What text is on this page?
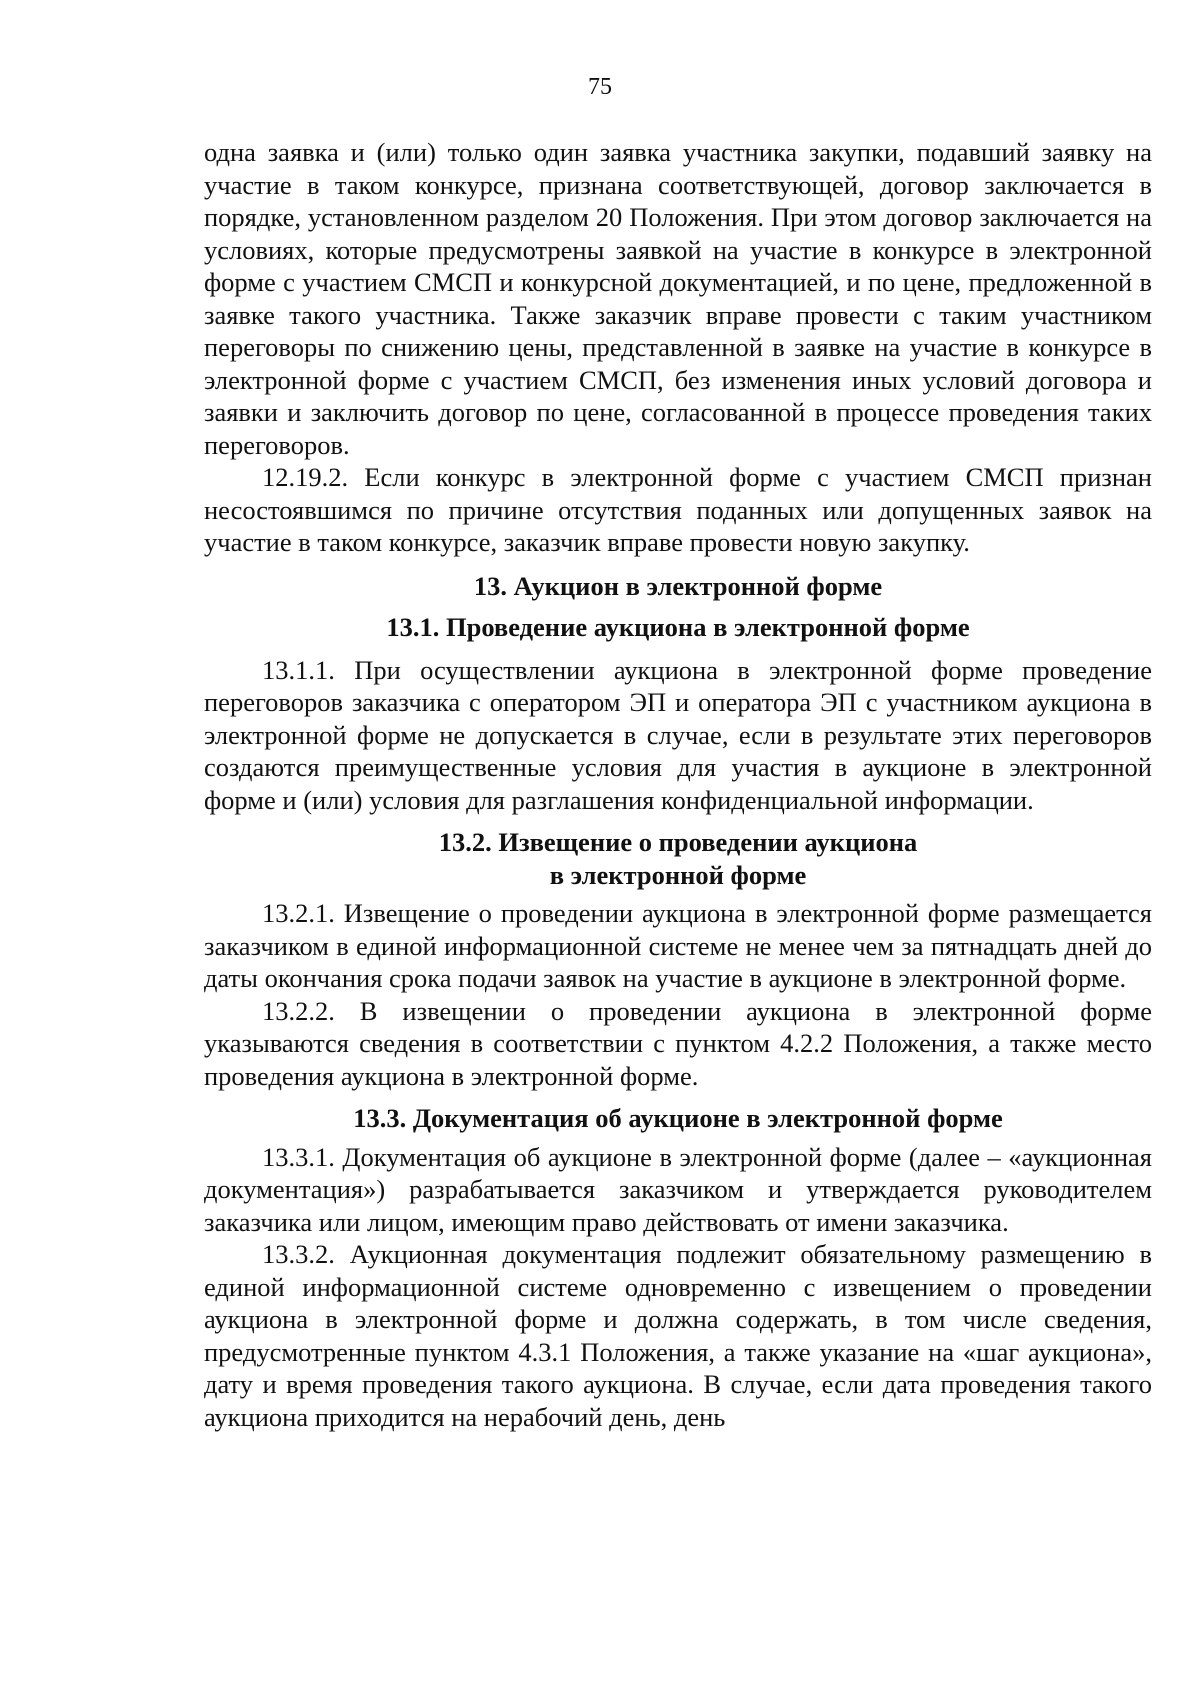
75

одна заявка и (или) только один заявка участника закупки, подавший заявку на участие в таком конкурсе, признана соответствующей, договор заключается в порядке, установленном разделом 20 Положения. При этом договор заключается на условиях, которые предусмотрены заявкой на участие в конкурсе в электронной форме с участием СМСП и конкурсной документацией, и по цене, предложенной в заявке такого участника. Также заказчик вправе провести с таким участником переговоры по снижению цены, представленной в заявке на участие в конкурсе в электронной форме с участием СМСП, без изменения иных условий договора и заявки и заключить договор по цене, согласованной в процессе проведения таких переговоров.

12.19.2. Если конкурс в электронной форме с участием СМСП признан несостоявшимся по причине отсутствия поданных или допущенных заявок на участие в таком конкурсе, заказчик вправе провести новую закупку.

13. Аукцион в электронной форме
13.1. Проведение аукциона в электронной форме

13.1.1. При осуществлении аукциона в электронной форме проведение переговоров заказчика с оператором ЭП и оператора ЭП с участником аукциона в электронной форме не допускается в случае, если в результате этих переговоров создаются преимущественные условия для участия в аукционе в электронной форме и (или) условия для разглашения конфиденциальной информации.

13.2. Извещение о проведении аукциона
в электронной форме

13.2.1. Извещение о проведении аукциона в электронной форме размещается заказчиком в единой информационной системе не менее чем за пятнадцать дней до даты окончания срока подачи заявок на участие в аукционе в электронной форме.

13.2.2. В извещении о проведении аукциона в электронной форме указываются сведения в соответствии с пунктом 4.2.2 Положения, а также место проведения аукциона в электронной форме.

13.3. Документация об аукционе в электронной форме

13.3.1. Документация об аукционе в электронной форме (далее – «аукционная документация») разрабатывается заказчиком и утверждается руководителем заказчика или лицом, имеющим право действовать от имени заказчика.

13.3.2. Аукционная документация подлежит обязательному размещению в единой информационной системе одновременно с извещением о проведении аукциона в электронной форме и должна содержать, в том числе сведения, предусмотренные пунктом 4.3.1 Положения, а также указание на «шаг аукциона», дату и время проведения такого аукциона. В случае, если дата проведения такого аукциона приходится на нерабочий день, день
